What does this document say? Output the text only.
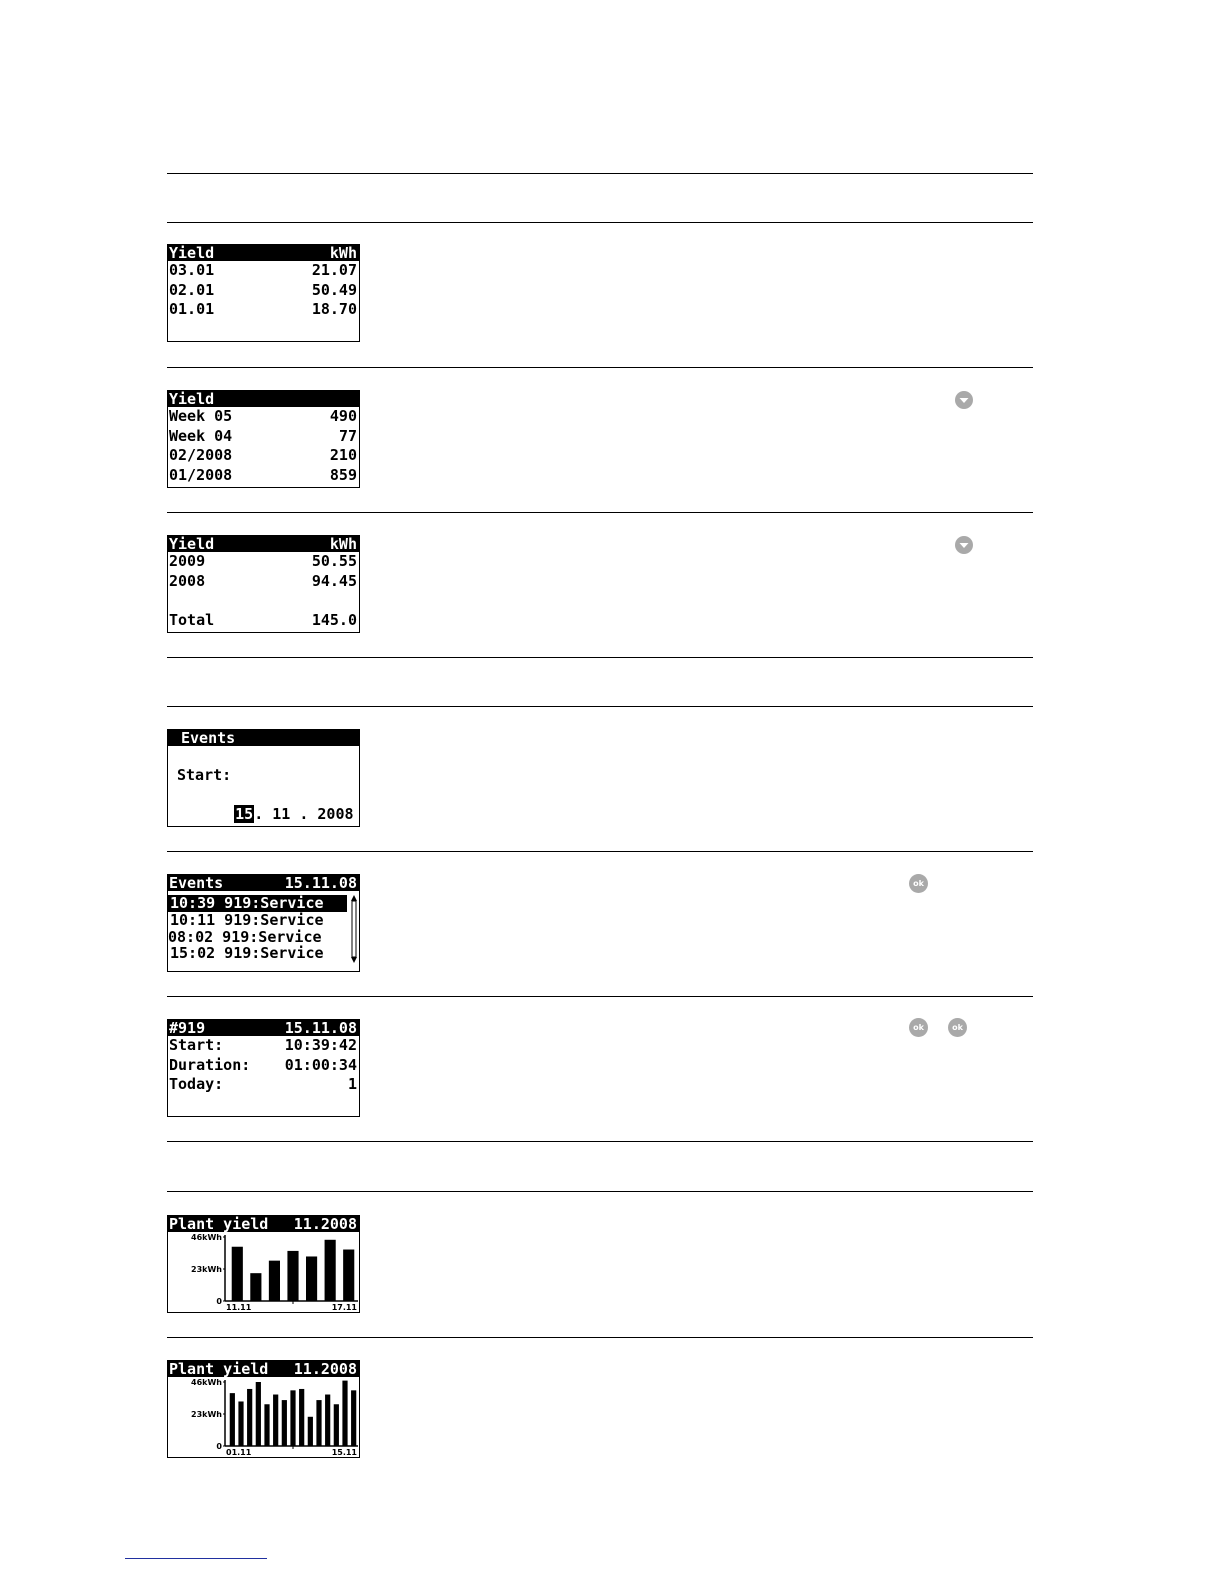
Yield	kWh
03.01	21.07
02.01	50.49
01.01	18.70
Yield
Week 05	490
Week 04	77
02/2008	210
01/2008	859
Yield	kWh
2009	50.55
2008	94.45
Total	145.0
Events
Start:

15. 11 . 2008

Events	15.11.08
10:39 919:Service
10:11 919:Service
08:02 919:Service
15:02 919:Service
ok
#919	15.11.08
Start:	10:39:42
Duration: 01:00:34
Today:	1
ok	ok
Plant yield 11.2008
46kWh
23kWh
0
11.11	17.11
Plant yield 11.2008
46kWh
23kWh
0
01.11	15.11
